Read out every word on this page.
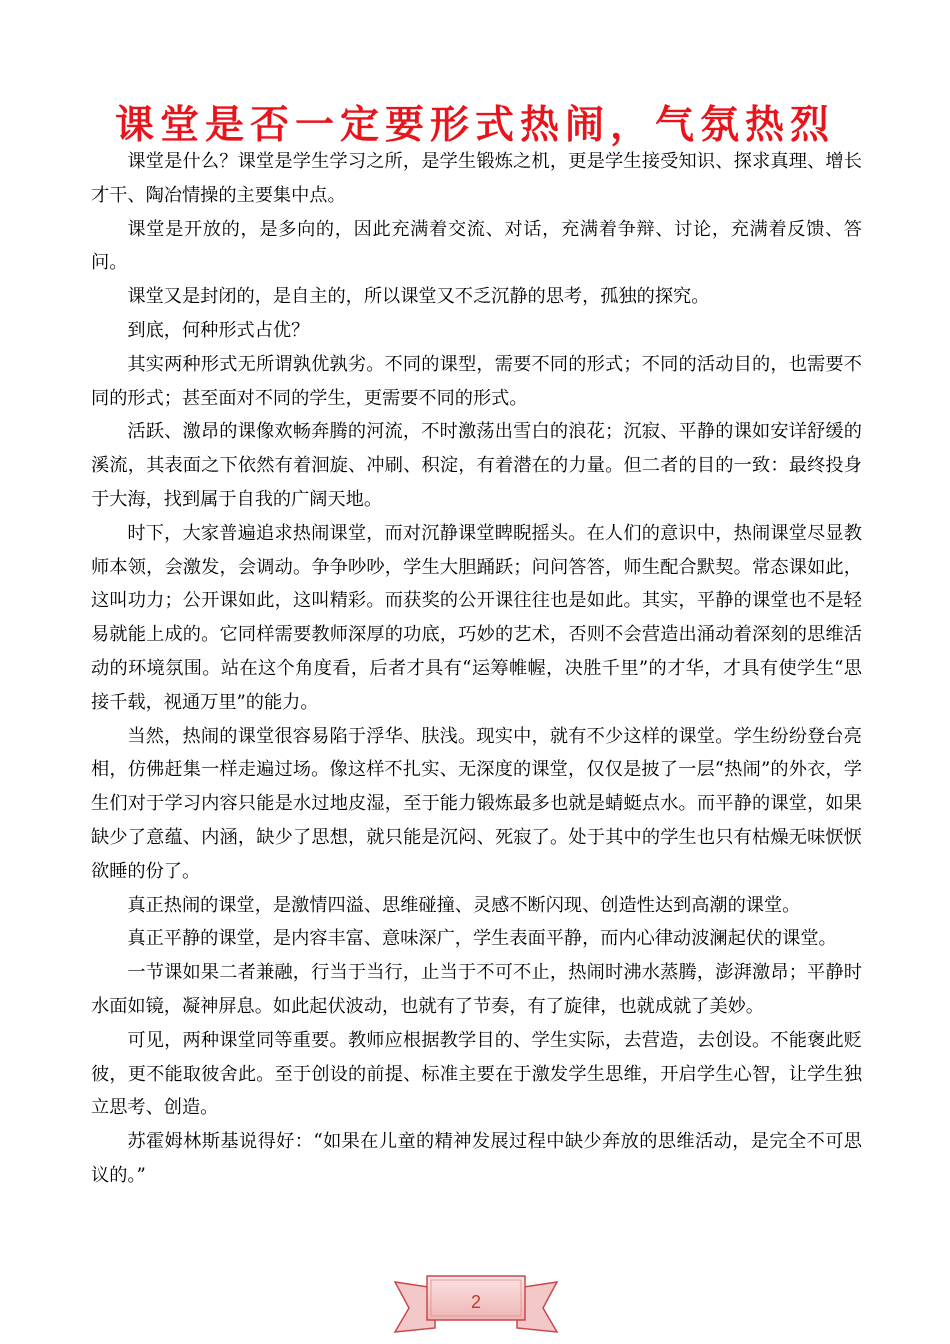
课堂是否一定要形式热闹，气氛热烈

课堂是什么？课堂是学生学习之所，是学生锻炼之机，更是学生接受知识、探求真理、增长才干、陶冶情操的主要集中点。

课堂是开放的，是多向的，因此充满着交流、对话，充满着争辩、讨论，充满着反馈、答问。

课堂又是封闭的，是自主的，所以课堂又不乏沉静的思考，孤独的探究。

到底，何种形式占优？

其实两种形式无所谓孰优孰劣。不同的课型，需要不同的形式；不同的活动目的，也需要不同的形式；甚至面对不同的学生，更需要不同的形式。

活跃、激昂的课像欢畅奔腾的河流，不时激荡出雪白的浪花；沉寂、平静的课如安详舒缓的溪流，其表面之下依然有着洄旋、冲刷、积淀，有着潜在的力量。但二者的目的一致：最终投身于大海，找到属于自我的广阔天地。

时下，大家普遍追求热闹课堂，而对沉静课堂睥睨摇头。在人们的意识中，热闹课堂尽显教师本领，会激发，会调动。争争吵吵，学生大胆踊跃；问问答答，师生配合默契。常态课如此，这叫功力；公开课如此，这叫精彩。而获奖的公开课往往也是如此。其实，平静的课堂也不是轻易就能上成的。它同样需要教师深厚的功底，巧妙的艺术，否则不会营造出涌动着深刻的思维活动的环境氛围。站在这个角度看，后者才具有“运筹帷幄，决胜千里”的才华，才具有使学生“思接千载，视通万里”的能力。

当然，热闹的课堂很容易陷于浮华、肤浅。现实中，就有不少这样的课堂。学生纷纷登台亮相，仿佛赶集一样走遍过场。像这样不扎实、无深度的课堂，仅仅是披了一层“热闹”的外衣，学生们对于学习内容只能是水过地皮湿，至于能力锻炼最多也就是蜻蜓点水。而平静的课堂，如果缺少了意蕴、内涵，缺少了思想，就只能是沉闷、死寂了。处于其中的学生也只有枯燥无味恹恹欲睡的份了。

真正热闹的课堂，是激情四溢、思维碰撞、灵感不断闪现、创造性达到高潮的课堂。

真正平静的课堂，是内容丰富、意味深广，学生表面平静，而内心律动波澜起伏的课堂。

一节课如果二者兼融，行当于当行，止当于不可不止，热闹时沸水蒸腾，澎湃激昂；平静时水面如镜，凝神屏息。如此起伏波动，也就有了节奏，有了旋律，也就成就了美妙。

可见，两种课堂同等重要。教师应根据教学目的、学生实际，去营造，去创设。不能褒此贬彼，更不能取彼舍此。至于创设的前提、标准主要在于激发学生思维，开启学生心智，让学生独立思考、创造。

苏霍姆林斯基说得好：“如果在儿童的精神发展过程中缺少奔放的思维活动，是完全不可思议的。”

2
